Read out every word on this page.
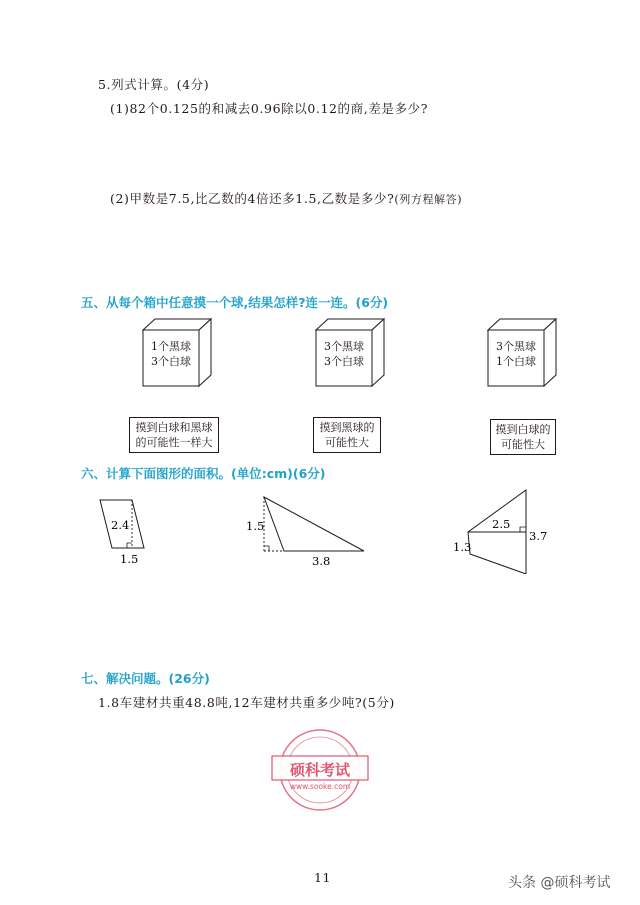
5.列式计算。(4分)
(1)82个0.125的和减去0.96除以0.12的商,差是多少?
(2)甲数是7.5,比乙数的4倍还多1.5,乙数是多少?(列方程解答)
五、从每个箱中任意摸一个球,结果怎样?连一连。(6分)
1个黑球
3个白球
3个黑球
3个白球
3个黑球
1个白球
摸到白球和黑球
的可能性一样大
摸到黑球的
可能性大
摸到白球的
可能性大
六、计算下面图形的面积。(单位:cm)(6分)
2.4
1.5
1.5
3.8
2.5
3.7
1.3
七、解决问题。(26分)
1.8车建材共重48.8吨,12车建材共重多少吨?(5分)
硕科考试
www.sooke.com
11	头条 @硕科考试
